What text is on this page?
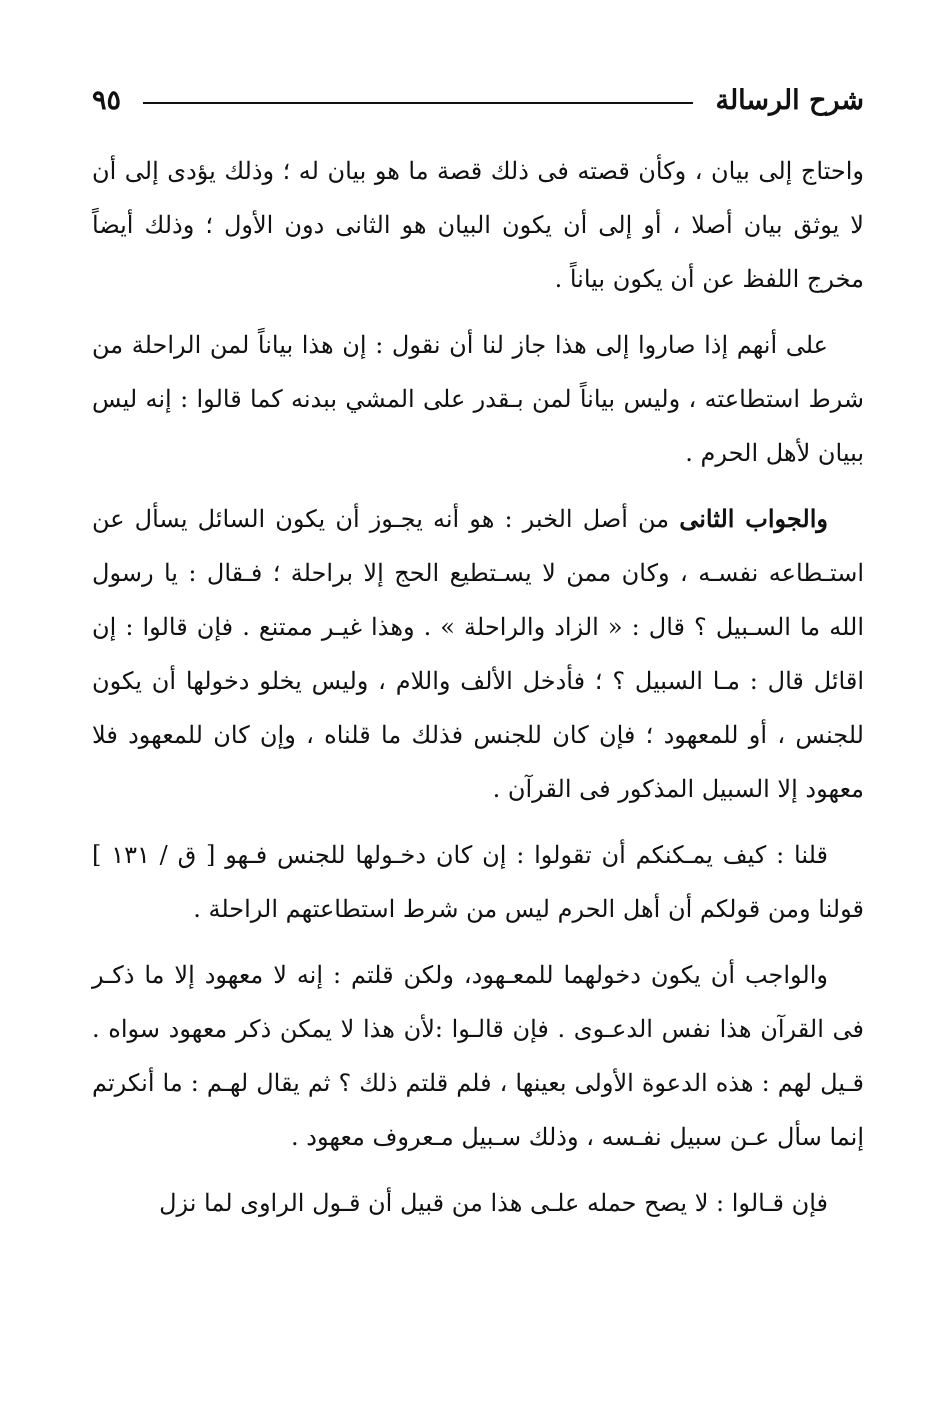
شرح الرسالة
٩٥

واحتاج إلى بيان ، وكأن قصته فى ذلك قصة ما هو بيان له ؛ وذلك يؤدى إلى أن لا يوثق بيان أصلا ، أو إلى أن يكون البيان هو الثانى دون الأول ؛ وذلك أيضاً مخرج اللفظ عن أن يكون بياناً .

على أنهم إذا صاروا إلى هذا جاز لنا أن نقول : إن هذا بياناً لمن الراحلة من شرط استطاعته ، وليس بياناً لمن بـقدر على المشي ببدنه كما قالوا : إنه ليس ببيان لأهل الحرم .

والجواب الثانى من أصل الخبر : هو أنه يجـوز أن يكون السائل يسأل عن استـطاعه نفسـه ، وكان ممن لا يسـتطيع الحج إلا براحلة ؛ فـقال : يا رسول الله ما السـبيل ؟ قال : « الزاد والراحلة » . وهذا غيـر ممتنع . فإن قالوا : إن اقائل قال : مـا السبيل ؟ ؛ فأدخل الألف واللام ، وليس يخلو دخولها أن يكون للجنس ، أو للمعهود ؛ فإن كان للجنس فذلك ما قلناه ، وإن كان للمعهود فلا معهود إلا السبيل المذكور فى القرآن .

قلنا : كيف يمـكنكم أن تقولوا : إن كان دخـولها للجنس فـهو [ ق / ١٣١ ] قولنا ومن قولكم أن أهل الحرم ليس من شرط استطاعتهم الراحلة .

والواجب أن يكون دخولهما للمعـهود، ولكن قلتم : إنه لا معهود إلا ما ذكـر فى القرآن هذا نفس الدعـوى . فإن قالـوا :لأن هذا لا يمكن ذكر معهود سواه . قـيل لهم : هذه الدعوة الأولى بعينها ، فلم قلتم ذلك ؟ ثم يقال لهـم : ما أنكرتم إنما سأل عـن سبيل نفـسه ، وذلك سـبيل مـعروف معهود .

فإن قـالوا : لا يصح حمله علـى هذا من قبيل أن قـول الراوى لما نزل
